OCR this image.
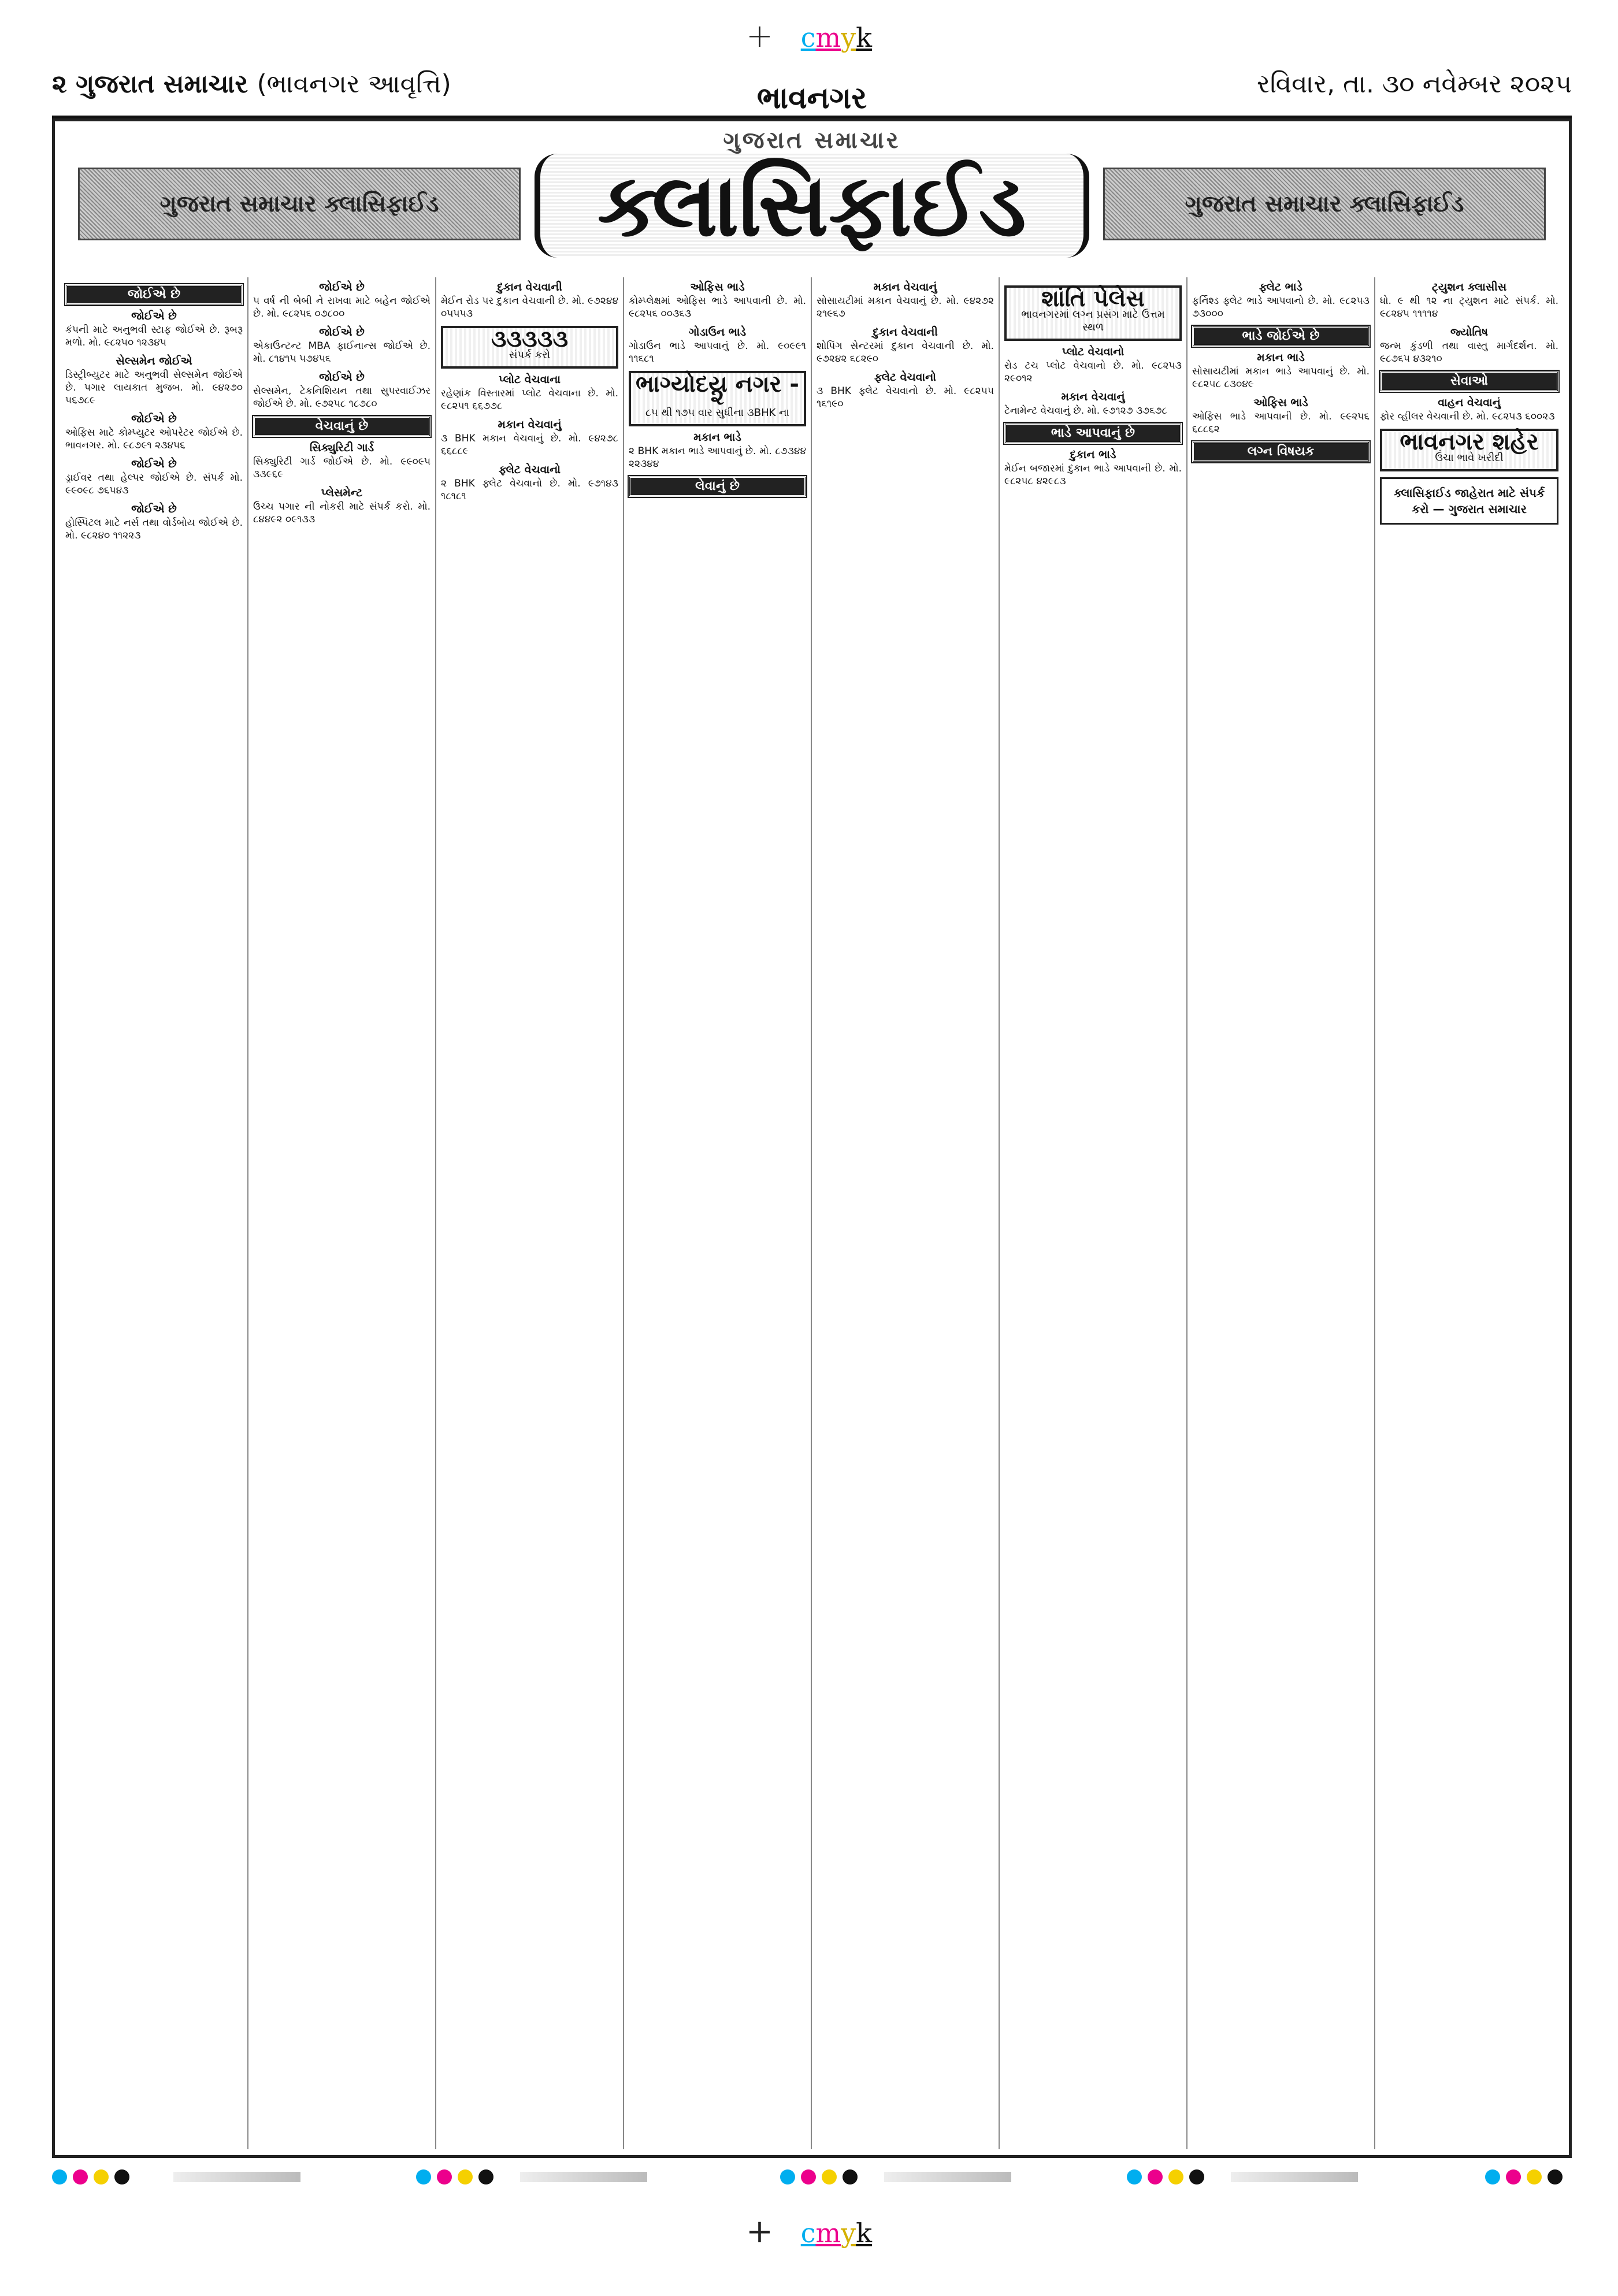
+ cmyk
૨ ગુજરાત સમાચાર (ભાવનગર આવૃત્તિ)	ભાવનગર	રવિવાર, તા. ૩૦ નવેમ્બર ૨૦૨૫
ગુજરાત સમાચાર ક્લાસિફાઈડ
ગુજરાત સમાચાર
ક્લાસિફાઈડ	ગુજરાત સમાચાર ક્લાસિફાઈડ
જોઈએ છે
જોઈએ છે
કંપની માટે અનુભવી સ્ટાફ જોઈએ છે. રૂબરૂ મળો. મો. ૯૮૨૫૦ ૧૨૩૪૫
સેલ્સમેન જોઈએ
ડિસ્ટ્રીબ્યુટર માટે અનુભવી સેલ્સમેન જોઈએ છે. પગાર લાયકાત મુજબ. મો. ૯૪૨૭૦ ૫૬૭૮૯
જોઈએ છે
ઓફિસ માટે કોમ્પ્યુટર ઓપરેટર જોઈએ છે. ભાવનગર. મો. ૯૮૭૯૧ ૨૩૪૫૬
જોઈએ છે
ડ્રાઈવર તથા હેલ્પર જોઈએ છે. સંપર્ક મો. ૯૯૦૯૮ ૭૬૫૪૩
જોઈએ છે
હોસ્પિટલ માટે નર્સ તથા વોર્ડબોય જોઈએ છે. મો. ૯૮૨૪૦ ૧૧૨૨૩
જોઈએ છે
૫ વર્ષ ની બેબી ને રાખવા માટે બહેન જોઈએ છે. મો. ૯૮૨૫૬ ૦૭૮૦૦
જોઈએ છે
એકાઉન્ટન્ટ MBA ફાઈનાન્સ જોઈએ છે. મો. ૮૧૪૧૫ ૫૭૪૫૬
જોઈએ છે
સેલ્સમેન, ટેકનિશિયન તથા સુપરવાઈઝર જોઈએ છે. મો. ૯૭૨૫૮ ૧૮૭૮૦
વેચવાનું છે
સિક્યુરિટી ગાર્ડ
સિક્યુરિટી ગાર્ડ જોઈએ છે. મો. ૯૯૦૯૫ ૩૩૯૬૯
પ્લેસમેન્ટ
ઉચ્ચ પગાર ની નોકરી માટે સંપર્ક કરો. મો. ૮૪૪૯૨ ૦૯૧૩૩
દુકાન વેચવાની
મેઈન રોડ પર દુકાન વેચવાની છે. મો. ૯૭૨૪૪ ૦૫૫૫૩
૩૩૩૩૩
સંપર્ક કરો
પ્લોટ વેચવાના
રહેણાંક વિસ્તારમાં પ્લોટ વેચવાના છે. મો. ૯૮૨૫૧ ૬૬૭૭૮
મકાન વેચવાનું
૩ BHK મકાન વેચવાનું છે. મો. ૯૪૨૭૮ ૬૬૮૮૯
ફ્લેટ વેચવાનો
૨ BHK ફ્લેટ વેચવાનો છે. મો. ૯૭૧૪૩ ૧૮૧૮૧
ઓફિસ ભાડે
કોમ્પ્લેક્ષમાં ઓફિસ ભાડે આપવાની છે. મો. ૯૮૨૫૬ ૦૦૩૬૩
ગોડાઉન ભાડે
ગોડાઉન ભાડે આપવાનું છે. મો. ૯૦૯૯૧ ૧૧૬૮૧
ભાગ્યોદય નગર - ૨
૮૫ થી ૧૭૫ વાર સુધીના ૩BHK ના
મકાન ભાડે
૨ BHK મકાન ભાડે આપવાનું છે. મો. ૮૭૩૪૪ ૨૨૩૪૪
લેવાનું છે
મકાન વેચવાનું
સોસાયટીમાં મકાન વેચવાનું છે. મો. ૯૪૨૭૨ ૨૧૯૬૭
દુકાન વેચવાની
શોપિંગ સેન્ટરમાં દુકાન વેચવાની છે. મો. ૯૭૨૪૨ ૬૮૨૯૦
ફ્લેટ વેચવાનો
૩ BHK ફ્લેટ વેચવાનો છે. મો. ૯૮૨૫૫ ૧૬૧૯૦
શાંતિ પેલેસ
ભાવનગરમાં લગ્ન પ્રસંગ માટે ઉત્તમ સ્થળ
પ્લોટ વેચવાનો
રોડ ટચ પ્લોટ વેચવાનો છે. મો. ૯૮૨૫૩ ૨૯૦૧૨
મકાન વેચવાનું
ટેનામેન્ટ વેચવાનું છે. મો. ૯૭૧૨૭ ૩૭૬૭૮
ભાડે આપવાનું છે
દુકાન ભાડે
મેઈન બજારમાં દુકાન ભાડે આપવાની છે. મો. ૯૮૨૫૮ ૪૨૯૮૩
ફ્લેટ ભાડે
ફર્નિશ્ડ ફ્લેટ ભાડે આપવાનો છે. મો. ૯૮૨૫૩ ૭૩૦૦૦
ભાડે જોઈએ છે
મકાન ભાડે
સોસાયટીમાં મકાન ભાડે આપવાનું છે. મો. ૯૮૨૫૮ ૮૩૦૪૯
ઓફિસ ભાડે
ઓફિસ ભાડે આપવાની છે. મો. ૯૯૨૫૬ ૬૮૮૬૨
લગ્ન વિષયક
ટ્યુશન ક્લાસીસ
ધો. ૯ થી ૧૨ ના ટ્યુશન માટે સંપર્ક. મો. ૯૮૨૪૫ ૧૧૧૧૪
જ્યોતિષ
જન્મ કુંડળી તથા વાસ્તુ માર્ગદર્શન. મો. ૯૮૭૬૫ ૪૩૨૧૦
સેવાઓ
વાહન વેચવાનું
ફોર વ્હીલર વેચવાની છે. મો. ૯૮૨૫૩ ૬૦૦૨૩
ભાવનગર શહેર
ઉંચા ભાવે ખરીદી
ક્લાસિફાઈડ જાહેરાત માટે સંપર્ક કરો — ગુજરાત સમાચાર
+ cmyk
